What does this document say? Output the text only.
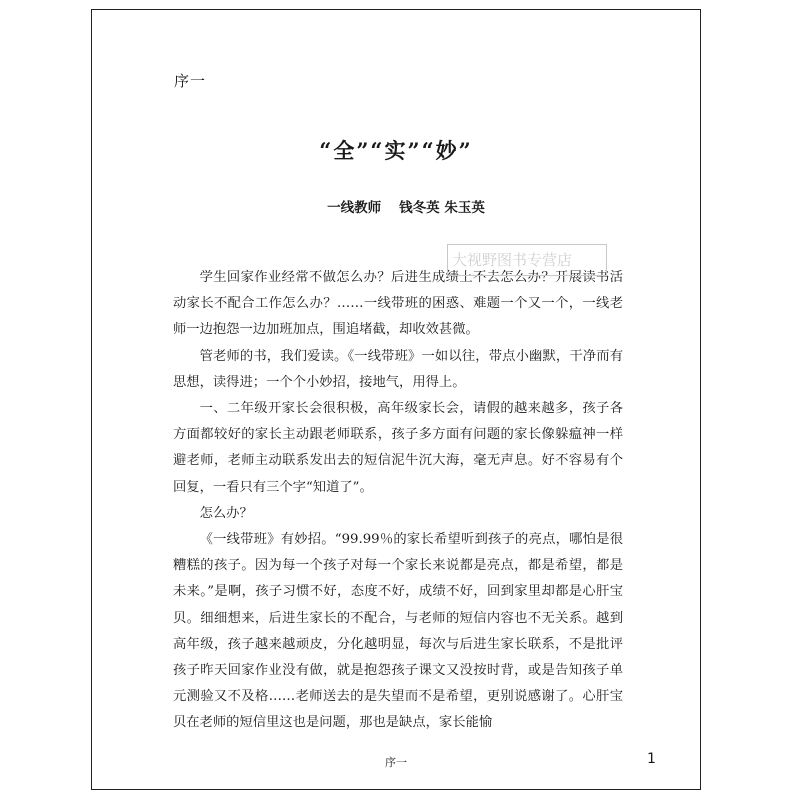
序一
“全”“实”“妙”
一线教师 钱冬英 朱玉英

学生回家作业经常不做怎么办？后进生成绩上不去怎么办？开展读书活动家长不配合工作怎么办？……一线带班的困惑、难题一个又一个，一线老师一边抱怨一边加班加点，围追堵截，却收效甚微。

管老师的书，我们爱读。《一线带班》一如以往，带点小幽默，干净而有思想，读得进；一个个小妙招，接地气，用得上。

一、二年级开家长会很积极，高年级家长会，请假的越来越多，孩子各方面都较好的家长主动跟老师联系，孩子多方面有问题的家长像躲瘟神一样避老师，老师主动联系发出去的短信泥牛沉大海，毫无声息。好不容易有个回复，一看只有三个字“知道了”。

怎么办？

《一线带班》有妙招。“99.99％的家长希望听到孩子的亮点，哪怕是很糟糕的孩子。因为每一个孩子对每一个家长来说都是亮点，都是希望，都是未来。”是啊，孩子习惯不好，态度不好，成绩不好，回到家里却都是心肝宝贝。细细想来，后进生家长的不配合，与老师的短信内容也不无关系。越到高年级，孩子越来越顽皮，分化越明显，每次与后进生家长联系，不是批评孩子昨天回家作业没有做，就是抱怨孩子课文又没按时背，或是告知孩子单元测验又不及格……老师送去的是失望而不是希望，更别说感谢了。心肝宝贝在老师的短信里这也是问题，那也是缺点，家长能愉

序一	1
大视野图书专营店
